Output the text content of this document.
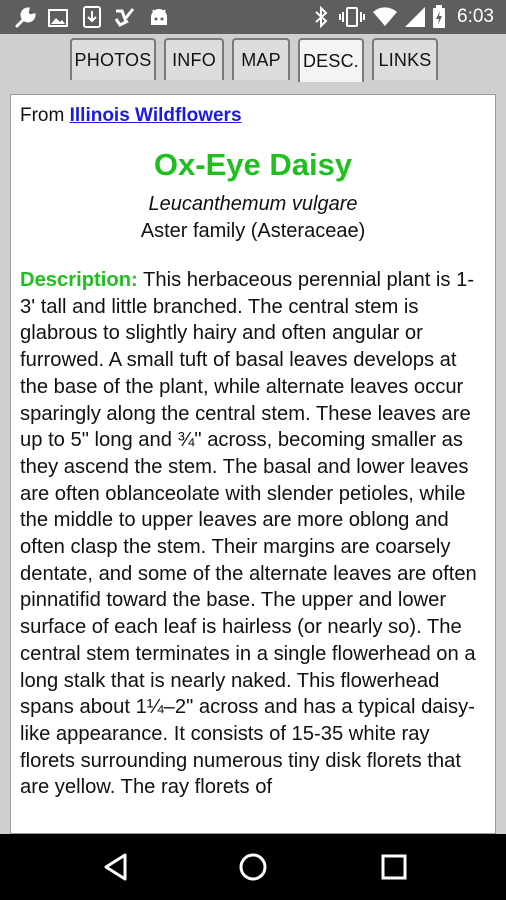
6:03
PHOTOS	INFO	MAP	DESC.	LINKS

From Illinois Wildflowers

Ox-Eye Daisy

Leucanthemum vulgare

Aster family (Asteraceae)

Description: This herbaceous perennial plant is 1-3' tall and little branched. The central stem is glabrous to slightly hairy and often angular or furrowed. A small tuft of basal leaves develops at the base of the plant, while alternate leaves occur sparingly along the central stem. These leaves are up to 5" long and ¾" across, becoming smaller as they ascend the stem. The basal and lower leaves are often oblanceolate with slender petioles, while the middle to upper leaves are more oblong and often clasp the stem. Their margins are coarsely dentate, and some of the alternate leaves are often pinnatifid toward the base. The upper and lower surface of each leaf is hairless (or nearly so). The central stem terminates in a single flowerhead on a long stalk that is nearly naked. This flowerhead spans about 1¼–2" across and has a typical daisy-like appearance. It consists of 15-35 white ray florets surrounding numerous tiny disk florets that are yellow. The ray florets of
